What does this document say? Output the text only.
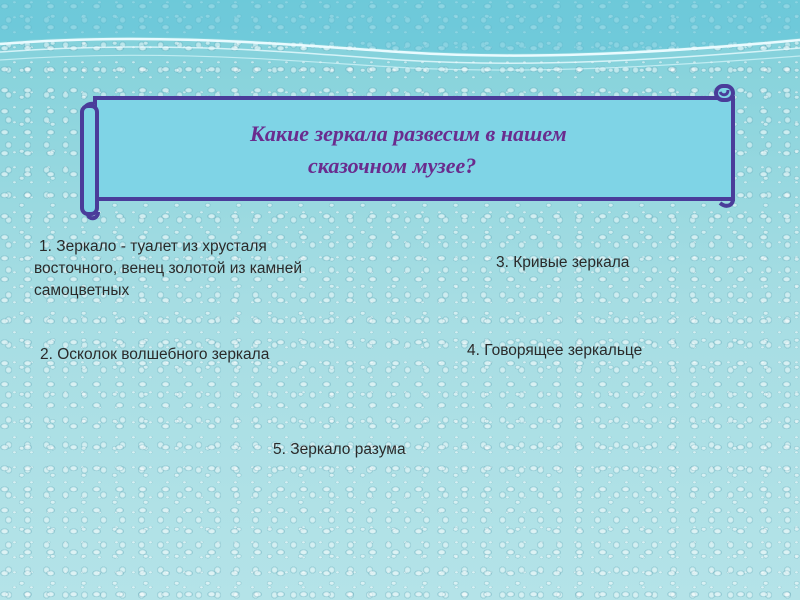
Какие зеркала развесим в нашем
сказочном музее?
1. Зеркало - туалет из хрусталя
восточного, венец золотой из камней
самоцветных
2. Осколок волшебного зеркала
3. Кривые зеркала
4. Говорящее зеркальце
5. Зеркало разума
